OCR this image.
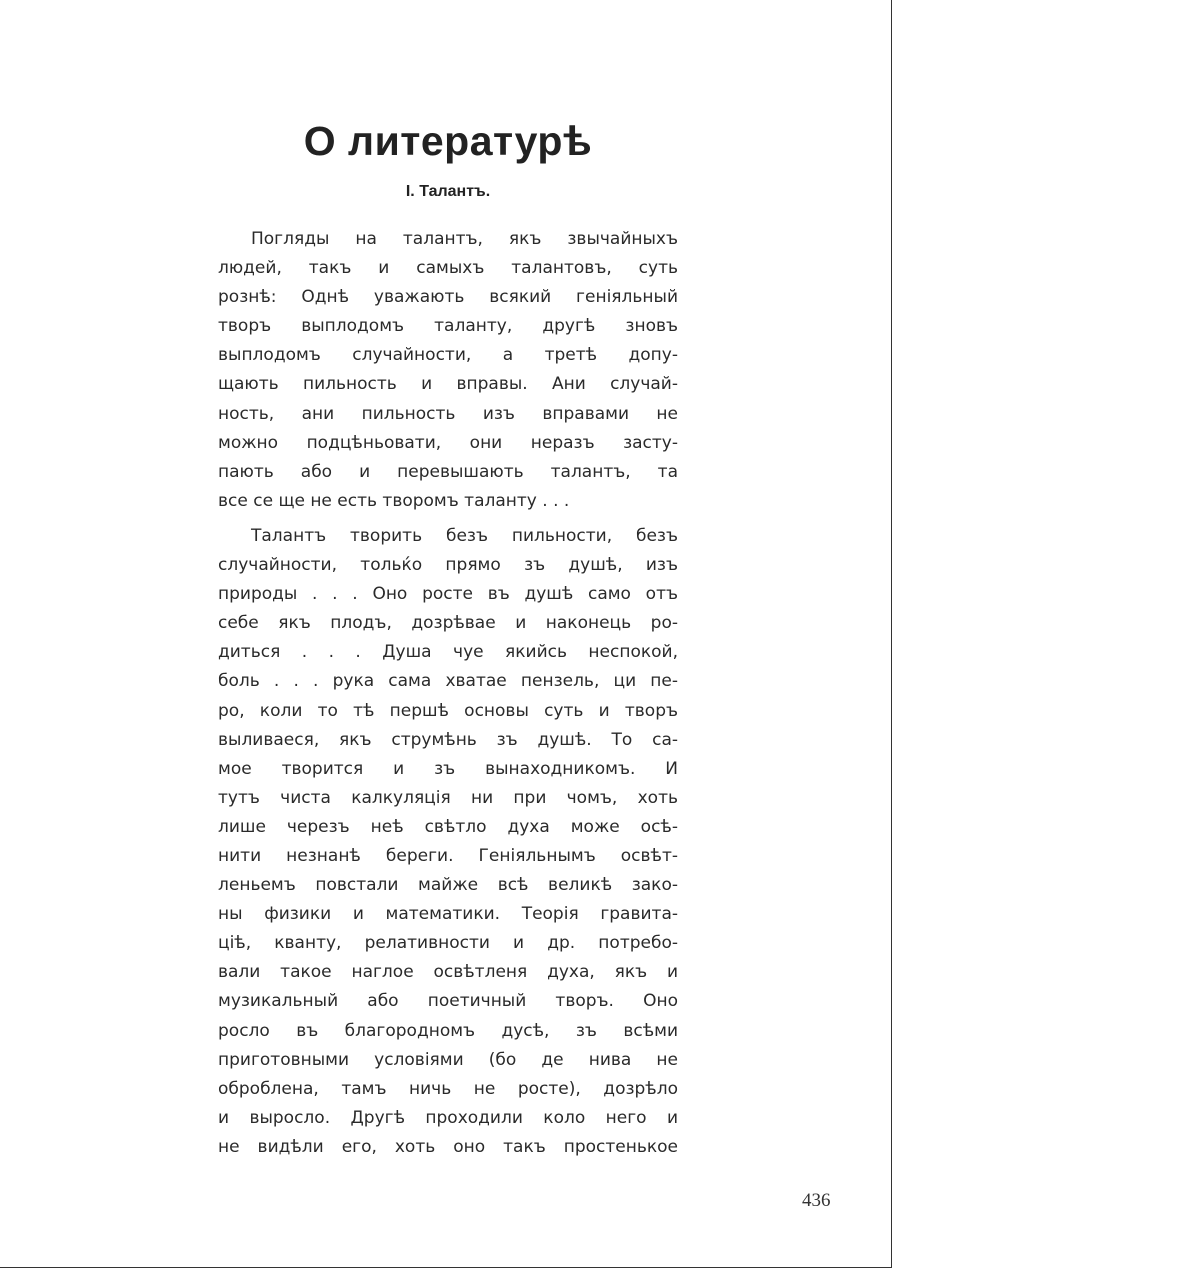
О литературѣ
I. Талантъ.
Погляды на талантъ, якъ звычайныхъ
людей, такъ и самыхъ талантовъ, суть
рознѣ: Однѣ уважають всякий геніяльный
творъ выплодомъ таланту, другѣ зновъ
выплодомъ случайности, а третѣ допу-
щають пильность и вправы. Ани случай-
ность, ани пильность изъ вправами не
можно подцѣньовати, они неразъ засту-
пають або и перевышають талантъ, та
все се ще не есть творомъ таланту . . .
Талантъ творить безъ пильности, безъ
случайности, тольќо прямо зъ душѣ, изъ
природы . . . Оно росте въ душѣ само отъ
себе якъ плодъ, дозрѣвае и наконець ро-
диться . . . Душа чуе якийсь неспокой,
боль . . . рука сама хватае пензель, ци пе-
ро, коли то тѣ першѣ основы суть и творъ
выливаеся, якъ струмѣнь зъ душѣ. То са-
мое творится и зъ вынаходникомъ. И
тутъ чиста калкуляція ни при чомъ, хоть
лише черезъ неѣ свѣтло духа може осѣ-
нити незнанѣ береги. Геніяльнымъ освѣт-
леньемъ повстали майже всѣ великѣ зако-
ны физики и математики. Теорія гравита-
ціѣ, кванту, релативности и др. потребо-
вали такое наглое освѣтленя духа, якъ и
музикальный або поетичный творъ. Оно
росло въ благородномъ дусѣ, зъ всѣми
приготовными условіями (бо де нива не
оброблена, тамъ ничь не росте), дозрѣло
и выросло. Другѣ проходили коло него и
не видѣли его, хоть оно такъ простенькое
436
